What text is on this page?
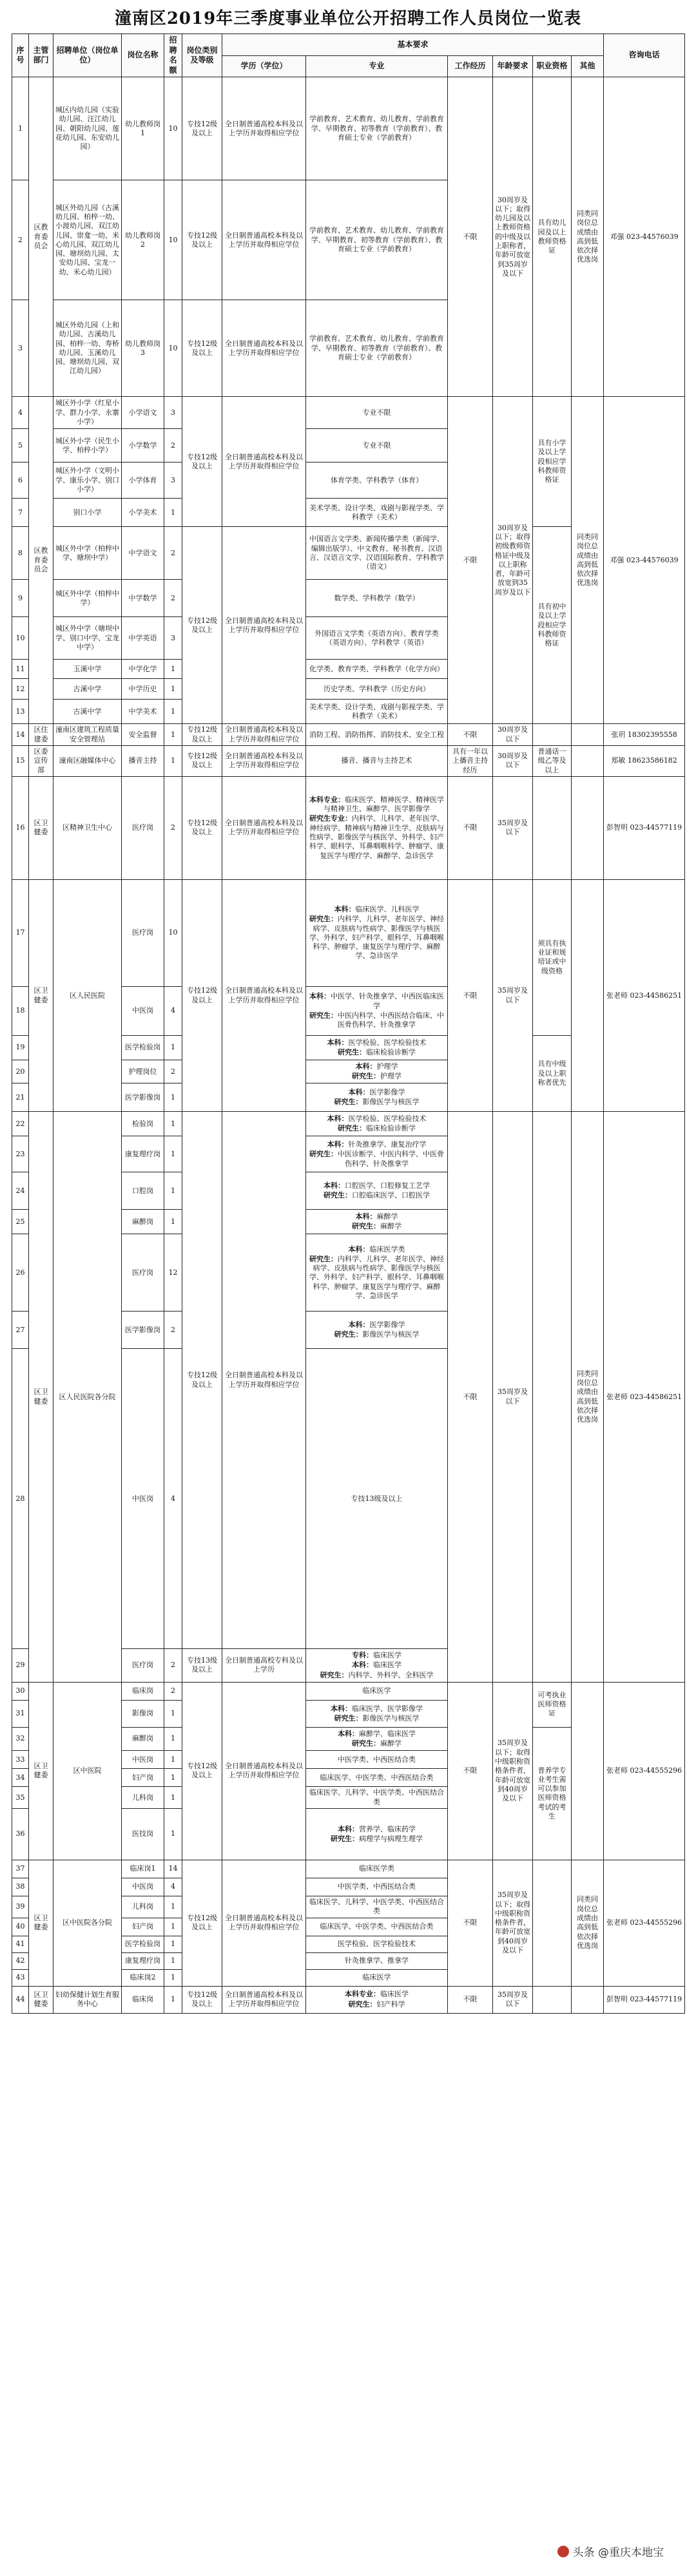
潼南区2019年三季度事业单位公开招聘工作人员岗位一览表
序号	主管部门	招聘单位（岗位单位）	岗位名称	招聘名额	岗位类别及等级	基本要求						咨询电话	
						学历（学位）	专业	工作经历	年龄要求	职业资格	其他		
1	区教育委员会	城区内幼儿园（实验幼儿园、汪江幼儿园、朝阳幼儿园、莲花幼儿园、东安幼儿园）	幼儿教师岗1	10	专技12级及以上	全日制普通高校本科及以上学历并取得相应学位	学前教育、艺术教育、幼儿教育、学前教育学、早期教育、初等教育（学前教育）、教育硕士专业（学前教育）	不限	30周岁及以下；取得幼儿园及以上教师资格的中级及以上职称者，年龄可放宽到35周岁及以下	具有幼儿园及以上教师资格证	同类同岗位总成绩由高到低依次择优选岗	邓强 023-44576039	
2		城区外幼儿园（古溪幼儿园、柏梓一幼、小渡幼儿园、双江幼儿园、崇龛一幼、米心幼儿园、双江幼儿园、塘坝幼儿园、太安幼儿园、宝龙一幼、米心幼儿园）	幼儿教师岗2	10	专技12级及以上	全日制普通高校本科及以上学历并取得相应学位	学前教育、艺术教育、幼儿教育、学前教育学、早期教育、初等教育（学前教育）、教育硕士专业（学前教育）						
3		城区外幼儿园（上和幼儿园、古溪幼儿园、柏梓一幼、寿桥幼儿园、玉溪幼儿园、塘坝幼儿园、双江幼儿园）	幼儿教师岗3	10	专技12级及以上	全日制普通高校本科及以上学历并取得相应学位	学前教育、艺术教育、幼儿教育、学前教育学、早期教育、初等教育（学前教育）、教育硕士专业（学前教育）						
4	区教育委员会	城区外小学（红星小学、群力小学、永寨小学）	小学语文	3	专技12级及以上	全日制普通高校本科及以上学历并取得相应学位	专业不限	不限	30周岁及以下；取得初级教师资格证中级及以上职称者，年龄可放宽到35周岁及以下	具有小学及以上学段相应学科教师资格证	同类同岗位总成绩由高到低依次择优选岗	邓强 023-44576039	
5		城区外小学（民生小学、柏梓小学）	小学数学	2			专业不限						
6		城区外小学（文明小学、康乐小学、别口小学）	小学体育	3			体育学类、学科教学（体育）						
7		别口小学	小学美术	1			美术学类、设计学类、戏剧与影视学类、学科教学（美术）						
8		城区外中学（柏梓中学、塘坝中学）	中学语文	2	专技12级及以上	全日制普通高校本科及以上学历并取得相应学位	中国语言文学类、新闻传播学类（新闻学、编辑出版学）、中文教育、秘书教育、汉语言、汉语言文学、汉语国际教育、学科教学（语文）			具有初中及以上学段相应学科教师资格证			
9		城区外中学（柏梓中学）	中学数学	2			数学类、学科教学（数学）						
10		城区外中学（塘坝中学、别口中学、宝龙中学）	中学英语	3			外国语言文学类（英语方向）、教育学类（英语方向）、学科教学（英语）						
11		玉溪中学	中学化学	1			化学类、教育学类、学科教学（化学方向）						
12		古溪中学	中学历史	1			历史学类、学科教学（历史方向）						
13		古溪中学	中学美术	1			美术学类、设计学类、戏剧与影视学类、学科教学（美术）						
14	区住建委	潼南区建筑工程质量安全管理站	安全监督	1	专技12级及以上	全日制普通高校本科及以上学历并取得相应学位	消防工程、消防指挥、消防技术、安全工程	不限	30周岁及以下			张玥 18302395558	
15	区委宣传部	潼南区融媒体中心	播音主持	1	专技12级及以上	全日制普通高校本科及以上学历并取得相应学位	播音、播音与主持艺术	具有一年以上播音主持经历	30周岁及以下	普通话一级乙等及以上		郑敏 18623586182	
16	区卫健委	区精神卫生中心	医疗岗	2	专技12级及以上	全日制普通高校本科及以上学历并取得相应学位	本科专业：临床医学、精神医学、精神医学与精神卫生、麻醉学、医学影像学
研究生专业：内科学、儿科学、老年医学、神经病学、精神病与精神卫生学、皮肤病与性病学、影像医学与核医学、外科学、妇产科学、眼科学、耳鼻咽喉科学、肿瘤学、康复医学与理疗学、麻醉学、急诊医学	不限	35周岁及以下			彭智明 023-44577119	
17	区卫健委	区人民医院	医疗岗	10	专技12级及以上	全日制普通高校本科及以上学历并取得相应学位	本科：临床医学、儿科医学
研究生：内科学、儿科学、老年医学、神经病学、皮肤病与性病学、影像医学与核医学、外科学、妇产科学、眼科学、耳鼻咽喉科学、肿瘤学、康复医学与理疗学、麻醉学、急诊医学	不限	35周岁及以下	须具有执业证和规培证或中级资格		张老师 023-44586251	
18			中医岗	4			本科：中医学、针灸推拿学、中西医临床医学
研究生：中医内科学、中西医结合临床、中医骨伤科学、针灸推拿学						

19			医学检验岗	1			本科：医学检验、医学检验技术
研究生：临床检验诊断学			具有中级及以上职称者优先			
20			护理岗位	2			本科：护理学
研究生：护理学						

21			医学影像岗	1			本科：医学影像学
研究生：影像医学与核医学						

22	区卫健委	区人民医院各分院	检验岗	1	专技12级及以上	全日制普通高校本科及以上学历并取得相应学位	本科：医学检验、医学检验技术
研究生：临床检验诊断学	不限	35周岁及以下		同类同岗位总成绩由高到低依次择优选岗	张老师 023-44586251	
23			康复理疗岗	1			本科：针灸推拿学、康复治疗学
研究生：中医诊断学、中医内科学、中医骨伤科学、针灸推拿学						

24			口腔岗	1			本科：口腔医学、口腔修复工艺学
研究生：口腔临床医学、口腔医学						

25			麻醉岗	1			本科：麻醉学
研究生：麻醉学						

26			医疗岗	12			本科：临床医学类
研究生：内科学、儿科学、老年医学、神经病学、皮肤病与性病学、影像医学与核医学、外科学、妇产科学、眼科学、耳鼻咽喉科学、肿瘤学、康复医学与理疗学、麻醉学、急诊医学						

27			医学影像岗	2			本科：医学影像学
研究生：影像医学与核医学						

28			中医岗	4			专技13级及以上		

29			医疗岗	2	专技13级及以上	全日制普通高校专科及以上学历	专科：临床医学
本科：临床医学
研究生：内科学、外科学、全科医学						

30	区卫健委	区中医院	临床岗	2	专技12级及以上	全日制普通高校本科及以上学历并取得相应学位	临床医学	不限	35周岁及以下；取得中级职称资格条件者，年龄可放宽到40周岁及以下	可考执业医师资格证		张老师 023-44555296	
31			影像岗	1			本科：临床医学、医学影像学
研究生：影像医学与核医学						

32			麻醉岗	1			本科：麻醉学、临床医学
研究生：麻醉学			普养学专业考生需可以参加医师资格考试的考生			
33			中医岗	1			中医学类、中西医结合类						
34			妇产岗	1			临床医学、中医学类、中西医结合类						
35			儿科岗	1			临床医学、儿科学、中医学类、中西医结合类						
36			医技岗	1			本科：营养学、临床药学
研究生：病理学与病理生理学						

37	区卫健委	区中医院各分院	临床岗1	14	专技12级及以上	全日制普通高校本科及以上学历并取得相应学位	临床医学类	不限	35周岁及以下；取得中级职称资格条件者，年龄可放宽到40周岁及以下		同类同岗位总成绩由高到低依次择优选岗	张老师 023-44555296	
38			中医岗	4			中医学类、中西医结合类						
39			儿科岗	1			临床医学、儿科学、中医学类、中西医结合类						
40			妇产岗	1			临床医学、中医学类、中西医结合类						
41			医学检验岗	1			医学检验、医学检验技术						
42			康复理疗岗	1			针灸推拿学、推拿学						
43			临床岗2	1			临床医学						
44	区卫健委	妇幼保健计划生育服务中心	临床岗	1	专技12级及以上	全日制普通高校本科及以上学历并取得相应学位	本科专业：临床医学
研究生：妇产科学	不限	35周岁及以下			彭智明 023-44577119	
头条 @重庆本地宝
